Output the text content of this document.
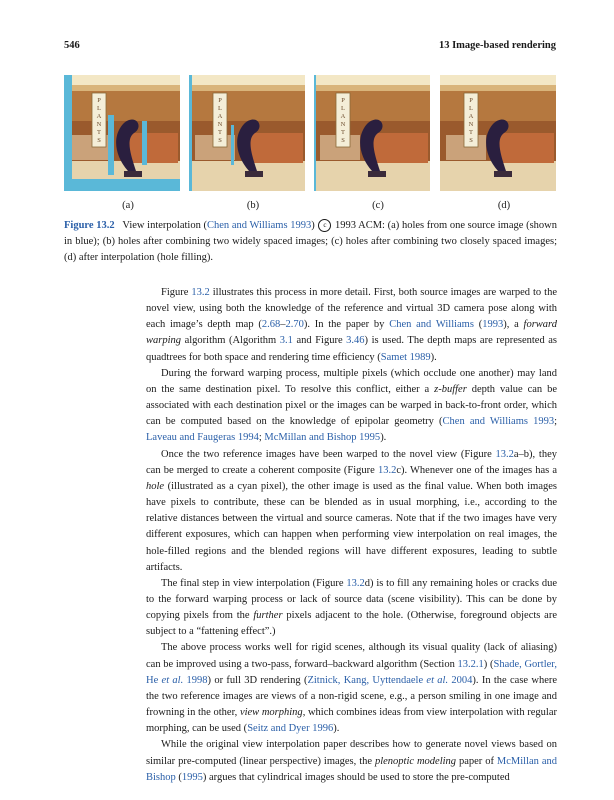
546	13 Image-based rendering
P
L
A
N
T
S
P
L
A
N
T
S
P
L
A
N
T
S
P
L
A
N
T
S
(a)	(b)	(c)	(d)
Figure 13.2 View interpolation (Chen and Williams 1993) c 1993 ACM: (a) holes from one source image (shown in blue); (b) holes after combining two widely spaced images; (c) holes after combining two closely spaced images; (d) after interpolation (hole filling).

Figure 13.2 illustrates this process in more detail. First, both source images are warped to the novel view, using both the knowledge of the reference and virtual 3D camera pose along with each image’s depth map (2.68–2.70). In the paper by Chen and Williams (1993), a forward warping algorithm (Algorithm 3.1 and Figure 3.46) is used. The depth maps are represented as quadtrees for both space and rendering time efficiency (Samet 1989).

During the forward warping process, multiple pixels (which occlude one another) may land on the same destination pixel. To resolve this conflict, either a z-buffer depth value can be associated with each destination pixel or the images can be warped in back-to-front order, which can be computed based on the knowledge of epipolar geometry (Chen and Williams 1993; Laveau and Faugeras 1994; McMillan and Bishop 1995).

Once the two reference images have been warped to the novel view (Figure 13.2a–b), they can be merged to create a coherent composite (Figure 13.2c). Whenever one of the images has a hole (illustrated as a cyan pixel), the other image is used as the final value. When both images have pixels to contribute, these can be blended as in usual morphing, i.e., according to the relative distances between the virtual and source cameras. Note that if the two images have very different exposures, which can happen when performing view interpolation on real images, the hole-filled regions and the blended regions will have different exposures, leading to subtle artifacts.

The final step in view interpolation (Figure 13.2d) is to fill any remaining holes or cracks due to the forward warping process or lack of source data (scene visibility). This can be done by copying pixels from the further pixels adjacent to the hole. (Otherwise, foreground objects are subject to a “fattening effect”.)

The above process works well for rigid scenes, although its visual quality (lack of aliasing) can be improved using a two-pass, forward–backward algorithm (Section 13.2.1) (Shade, Gortler, He et al. 1998) or full 3D rendering (Zitnick, Kang, Uyttendaele et al. 2004). In the case where the two reference images are views of a non-rigid scene, e.g., a person smiling in one image and frowning in the other, view morphing, which combines ideas from view interpolation with regular morphing, can be used (Seitz and Dyer 1996).

While the original view interpolation paper describes how to generate novel views based on similar pre-computed (linear perspective) images, the plenoptic modeling paper of McMillan and Bishop (1995) argues that cylindrical images should be used to store the pre-computed
